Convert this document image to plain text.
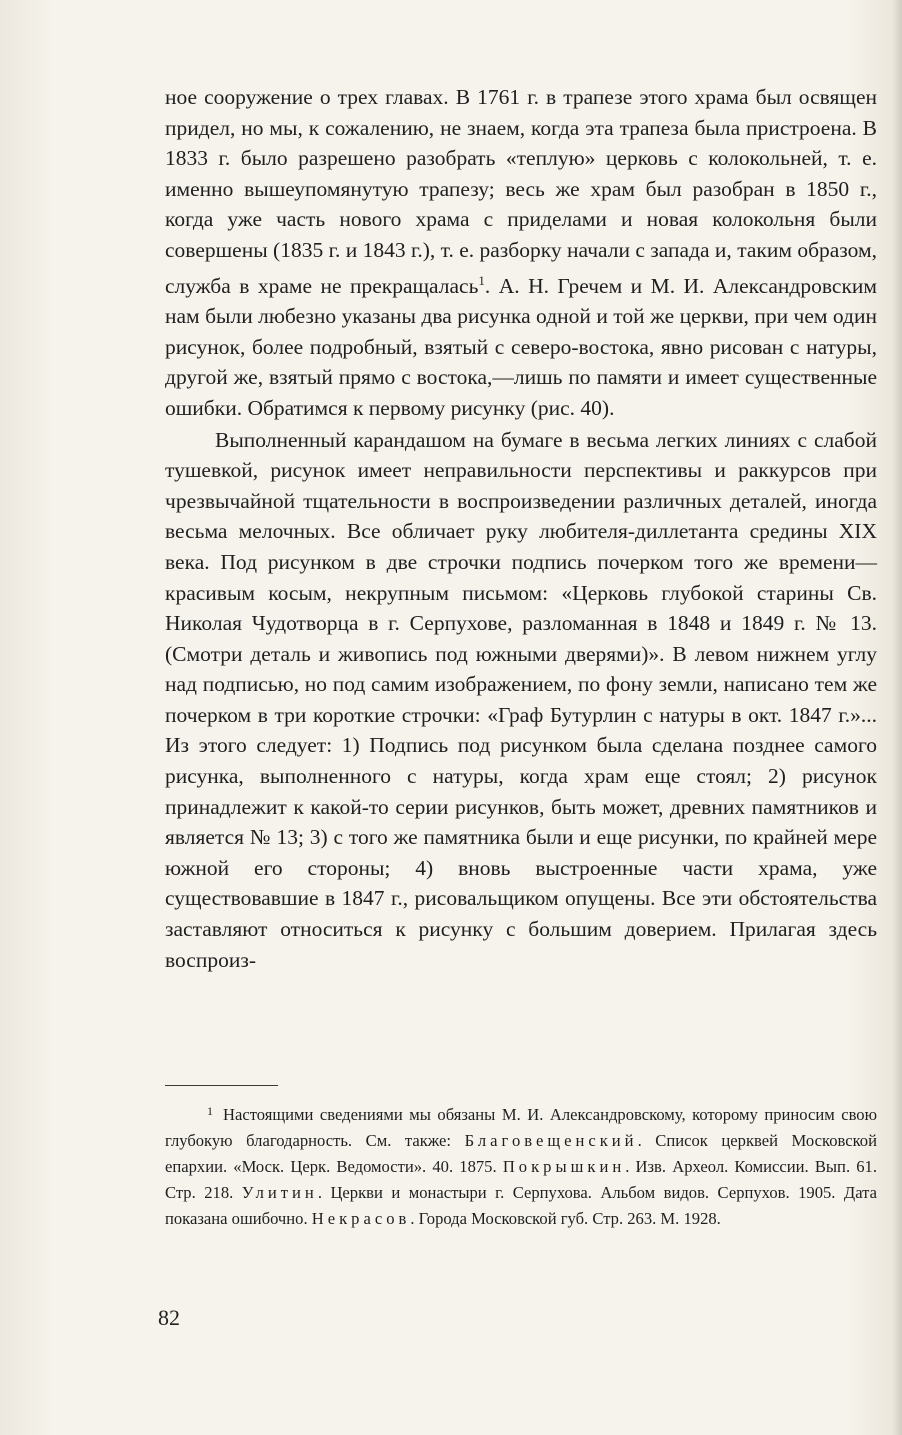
ное сооружение о трех главах. В 1761 г. в трапезе этого храма был освящен придел, но мы, к сожалению, не знаем, когда эта трапеза была пристроена. В 1833 г. было разрешено разобрать «теплую» церковь с колокольней, т. е. именно вышеупомянутую трапезу; весь же храм был разобран в 1850 г., когда уже часть нового храма с приделами и новая колокольня были совершены (1835 г. и 1843 г.), т. е. разборку начали с запада и, таким образом, служба в храме не прекращалась$^1$. А. Н. Гречем и М. И. Александровским нам были любезно указаны два рисунка одной и той же церкви, при чем один рисунок, более подробный, взятый с северо-востока, явно рисован с натуры, другой же, взятый прямо с востока,—лишь по памяти и имеет существенные ошибки. Обратимся к первому рисунку (рис. 40).

Выполненный карандашом на бумаге в весьма легких линиях с слабой тушевкой, рисунок имеет неправильности перспективы и раккурсов при чрезвычайной тщательности в воспроизведении различных деталей, иногда весьма мелочных. Все обличает руку любителя-диллетанта средины XIX века. Под рисунком в две строчки подпись почерком того же времени—красивым косым, некрупным письмом: «Церковь глубокой старины Св. Николая Чудотворца в г. Серпухове, разломанная в 1848 и 1849 г. № 13. (Смотри деталь и живопись под южными дверями)». В левом нижнем углу над подписью, но под самим изображением, по фону земли, написано тем же почерком в три короткие строчки: «Граф Бутурлин с натуры в окт. 1847 г.»... Из этого следует: 1) Подпись под рисунком была сделана позднее самого рисунка, выполненного с натуры, когда храм еще стоял; 2) рисунок принадлежит к какой-то серии рисунков, быть может, древних памятников и является № 13; 3) с того же памятника были и еще рисунки, по крайней мере южной его стороны; 4) вновь выстроенные части храма, уже существовавшие в 1847 г., рисовальщиком опущены. Все эти обстоятельства заставляют относиться к рисунку с большим доверием. Прилагая здесь воспроиз-

$^1$ Настоящими сведениями мы обязаны М. И. Александровскому, которому приносим свою глубокую благодарность. См. также: Благовещенский. Список церквей Московской епархии. «Моск. Церк. Ведомости». 40. 1875. Покрышкин. Изв. Археол. Комиссии. Вып. 61. Стр. 218. Улитин. Церкви и монастыри г. Серпухова. Альбом видов. Серпухов. 1905. Дата показана ошибочно. Некрасов. Города Московской губ. Стр. 263. М. 1928.

82
